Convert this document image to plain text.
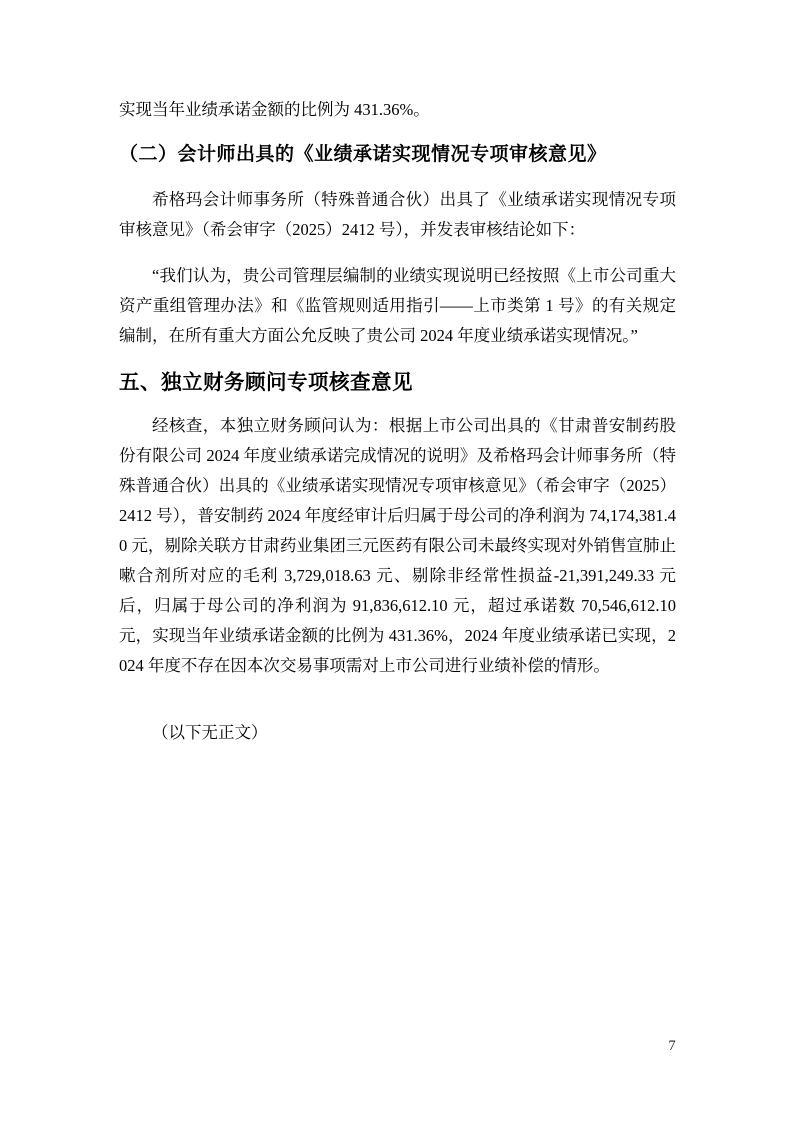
实现当年业绩承诺金额的比例为 431.36%。

（二）会计师出具的《业绩承诺实现情况专项审核意见》

希格玛会计师事务所（特殊普通合伙）出具了《业绩承诺实现情况专项审核意见》（希会审字（2025）2412 号），并发表审核结论如下：

“我们认为，贵公司管理层编制的业绩实现说明已经按照《上市公司重大资产重组管理办法》和《监管规则适用指引——上市类第 1 号》的有关规定编制，在所有重大方面公允反映了贵公司 2024 年度业绩承诺实现情况。”

五、独立财务顾问专项核查意见

经核查，本独立财务顾问认为：根据上市公司出具的《甘肃普安制药股份有限公司 2024 年度业绩承诺完成情况的说明》及希格玛会计师事务所（特殊普通合伙）出具的《业绩承诺实现情况专项审核意见》（希会审字（2025）2412 号），普安制药 2024 年度经审计后归属于母公司的净利润为 74,174,381.40 元，剔除关联方甘肃药业集团三元医药有限公司未最终实现对外销售宣肺止嗽合剂所对应的毛利 3,729,018.63 元、剔除非经常性损益-21,391,249.33 元后，归属于母公司的净利润为 91,836,612.10 元，超过承诺数 70,546,612.10 元，实现当年业绩承诺金额的比例为 431.36%，2024 年度业绩承诺已实现，2024 年度不存在因本次交易事项需对上市公司进行业绩补偿的情形。

（以下无正文）

7
